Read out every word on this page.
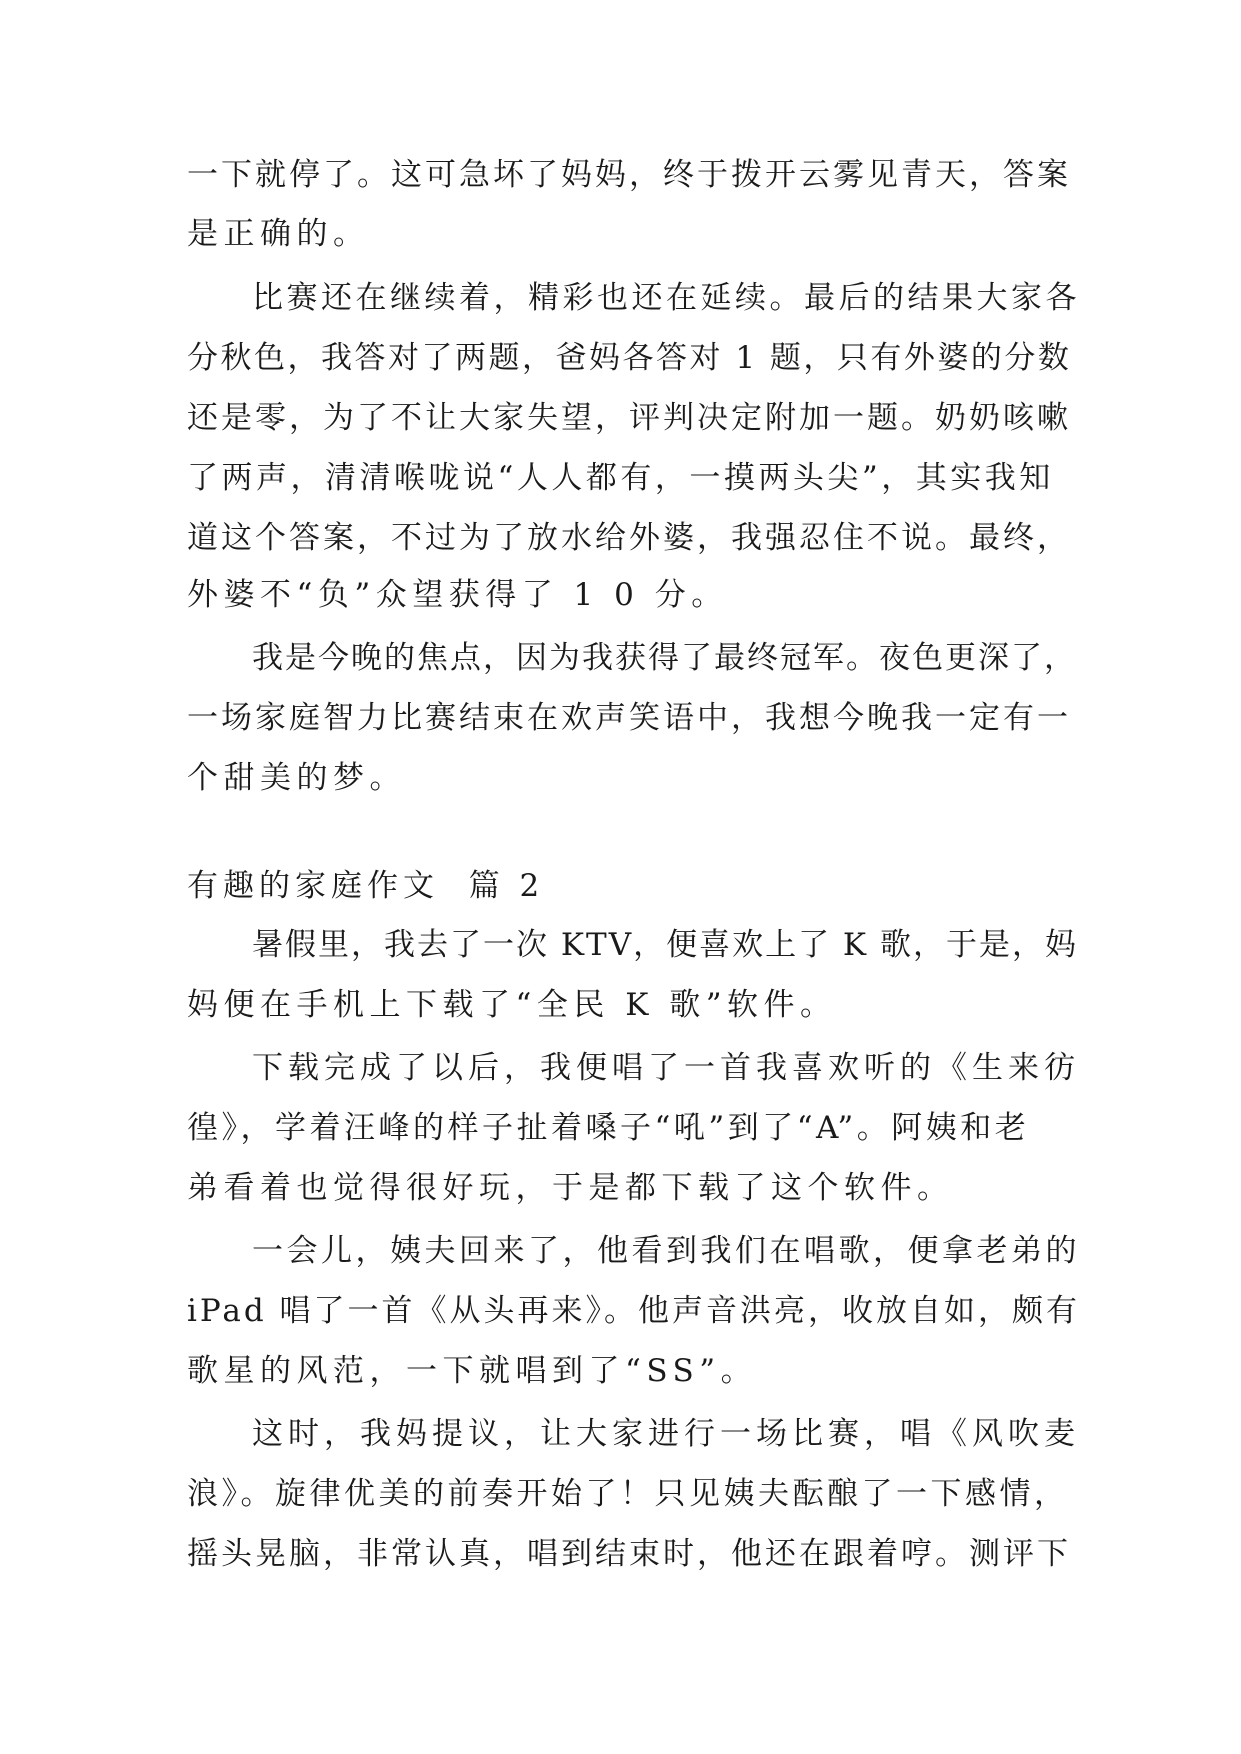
一下就停了。这可急坏了妈妈，终于拨开云雾见青天，答案
是正确的。
比赛还在继续着，精彩也还在延续。最后的结果大家各
分秋色，我答对了两题，爸妈各答对 1 题，只有外婆的分数
还是零，为了不让大家失望，评判决定附加一题。奶奶咳嗽
了两声，清清喉咙说“人人都有，一摸两头尖”，其实我知
道这个答案，不过为了放水给外婆，我强忍住不说。最终，
外婆不“负”众望获得了 1 0 分。
我是今晚的焦点，因为我获得了最终冠军。夜色更深了，
一场家庭智力比赛结束在欢声笑语中，我想今晚我一定有一
个甜美的梦。
有趣的家庭作文  篇 2
暑假里，我去了一次 KTV，便喜欢上了 K 歌，于是，妈
妈便在手机上下载了“全民 K 歌”软件。
下载完成了以后，我便唱了一首我喜欢听的《生来彷
徨》，学着汪峰的样子扯着嗓子“吼”到了“A”。阿姨和老
弟看着也觉得很好玩，于是都下载了这个软件。
一会儿，姨夫回来了，他看到我们在唱歌，便拿老弟的
iPad 唱了一首《从头再来》。他声音洪亮，收放自如，颇有
歌星的风范，一下就唱到了“SS”。
这时，我妈提议，让大家进行一场比赛，唱《风吹麦
浪》。旋律优美的前奏开始了！只见姨夫酝酿了一下感情，
摇头晃脑，非常认真，唱到结束时，他还在跟着哼。测评下
